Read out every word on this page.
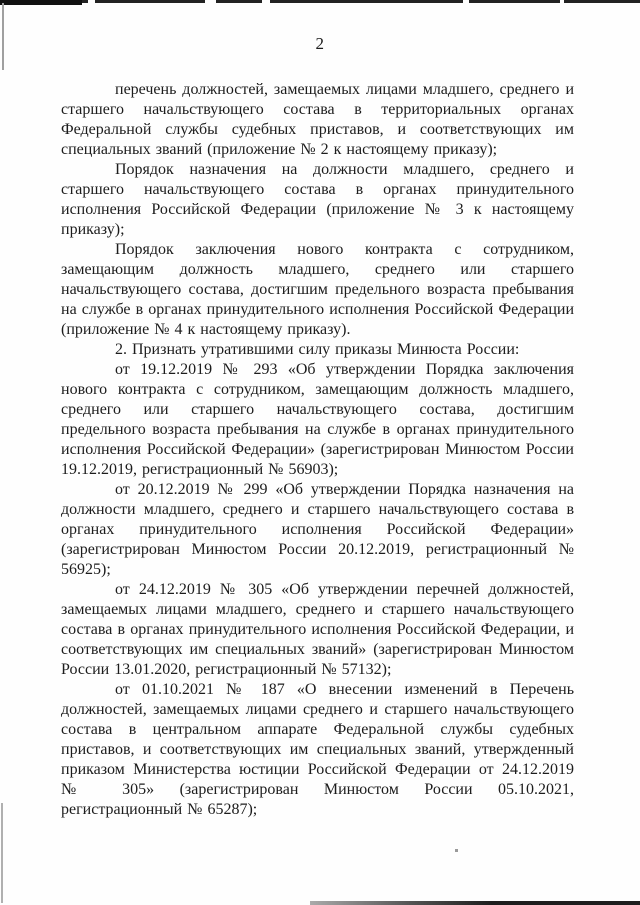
2

перечень должностей, замещаемых лицами младшего, среднего и старшего начальствующего состава в территориальных органах Федеральной службы судебных приставов, и соответствующих им специальных званий (приложение № 2 к настоящему приказу);

Порядок назначения на должности младшего, среднего и старшего начальствующего состава в органах принудительного исполнения Российской Федерации (приложение № 3 к настоящему приказу);

Порядок заключения нового контракта с сотрудником, замещающим должность младшего, среднего или старшего начальствующего состава, достигшим предельного возраста пребывания на службе в органах принудительного исполнения Российской Федерации (приложение № 4 к настоящему приказу).

2. Признать утратившими силу приказы Минюста России:

от 19.12.2019 № 293 «Об утверждении Порядка заключения нового контракта с сотрудником, замещающим должность младшего, среднего или старшего начальствующего состава, достигшим предельного возраста пребывания на службе в органах принудительного исполнения Российской Федерации» (зарегистрирован Минюстом России 19.12.2019, регистрационный № 56903);

от 20.12.2019 № 299 «Об утверждении Порядка назначения на должности младшего, среднего и старшего начальствующего состава в органах принудительного исполнения Российской Федерации» (зарегистрирован Минюстом России 20.12.2019, регистрационный № 56925);

от 24.12.2019 № 305 «Об утверждении перечней должностей, замещаемых лицами младшего, среднего и старшего начальствующего состава в органах принудительного исполнения Российской Федерации, и соответствующих им специальных званий» (зарегистрирован Минюстом России 13.01.2020, регистрационный № 57132);

от 01.10.2021 № 187 «О внесении изменений в Перечень должностей, замещаемых лицами среднего и старшего начальствующего состава в центральном аппарате Федеральной службы судебных приставов, и соответствующих им специальных званий, утвержденный приказом Министерства юстиции Российской Федерации от 24.12.2019 № 305» (зарегистрирован Минюстом России 05.10.2021, регистрационный № 65287);
